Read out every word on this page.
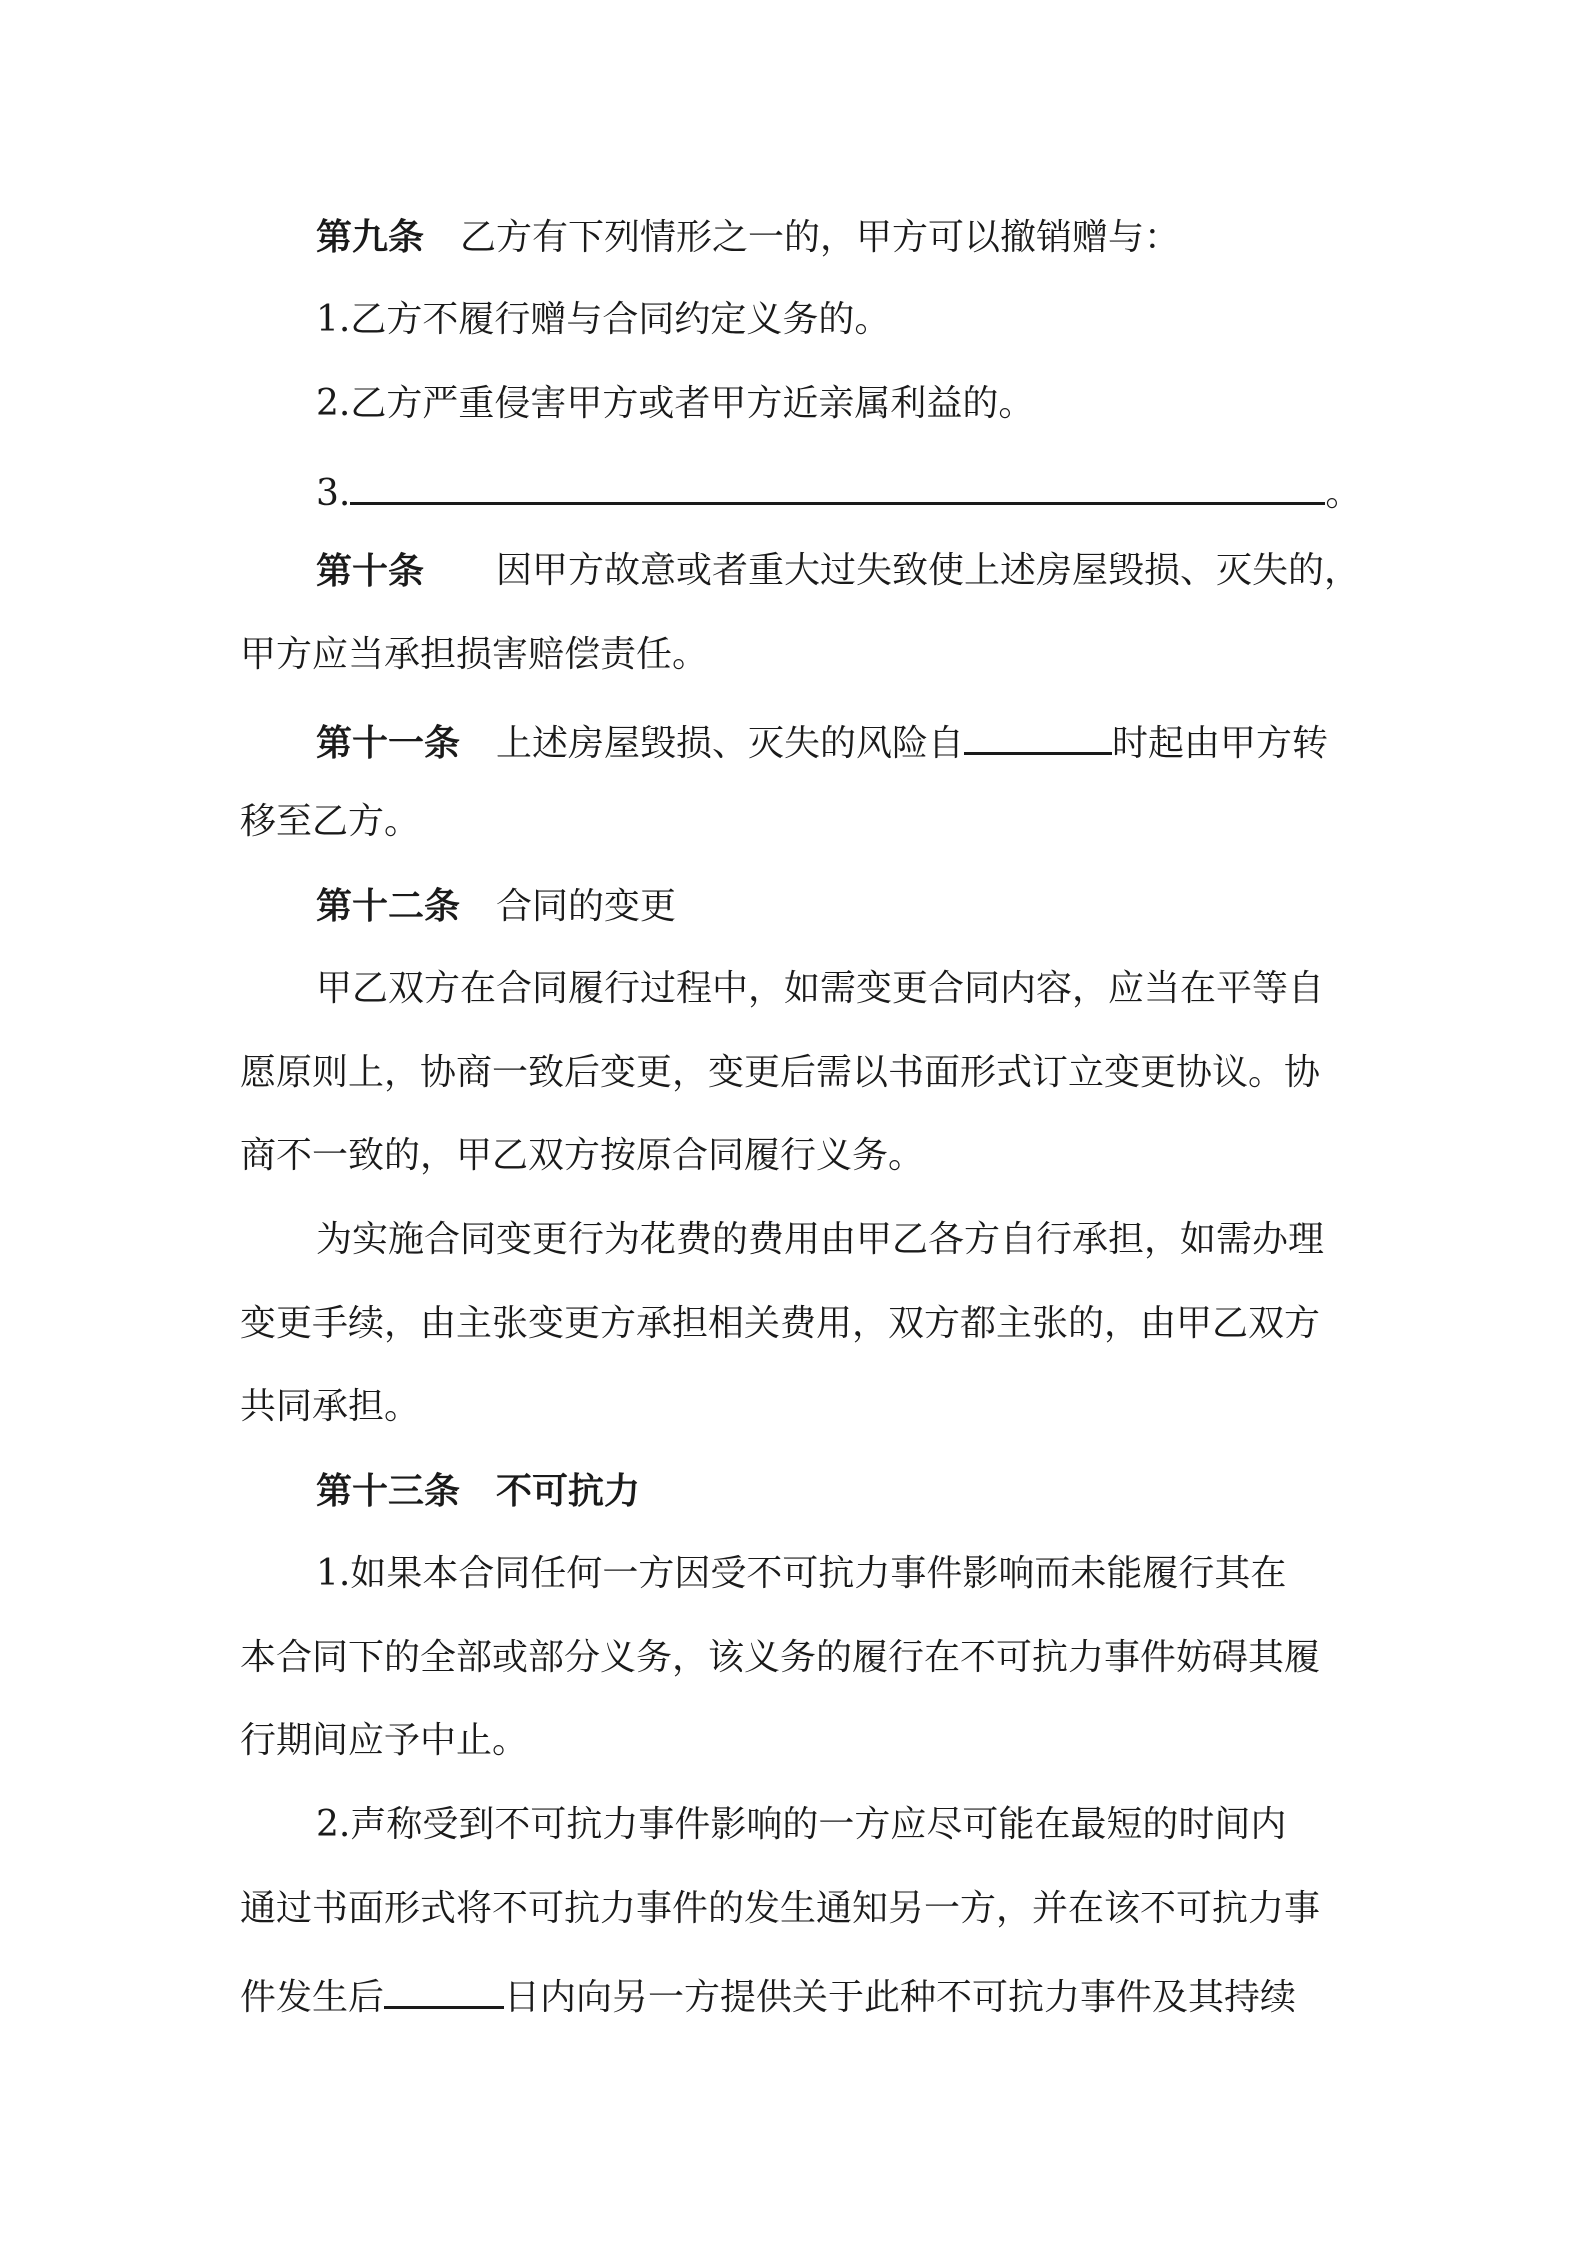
第九条 乙方有下列情形之一的，甲方可以撤销赠与：
1.乙方不履行赠与合同约定义务的。
2.乙方严重侵害甲方或者甲方近亲属利益的。
3.	。
第十条 因甲方故意或者重大过失致使上述房屋毁损、灭失的，
甲方应当承担损害赔偿责任。
第十一条 上述房屋毁损、灭失的风险自	时起由甲方转
移至乙方。
第十二条 合同的变更
甲乙双方在合同履行过程中，如需变更合同内容，应当在平等自
愿原则上，协商一致后变更，变更后需以书面形式订立变更协议。协
商不一致的，甲乙双方按原合同履行义务。
为实施合同变更行为花费的费用由甲乙各方自行承担，如需办理
变更手续，由主张变更方承担相关费用，双方都主张的，由甲乙双方
共同承担。
第十三条 不可抗力
1.如果本合同任何一方因受不可抗力事件影响而未能履行其在
本合同下的全部或部分义务，该义务的履行在不可抗力事件妨碍其履
行期间应予中止。
2.声称受到不可抗力事件影响的一方应尽可能在最短的时间内
通过书面形式将不可抗力事件的发生通知另一方，并在该不可抗力事
件发生后	日内向另一方提供关于此种不可抗力事件及其持续
